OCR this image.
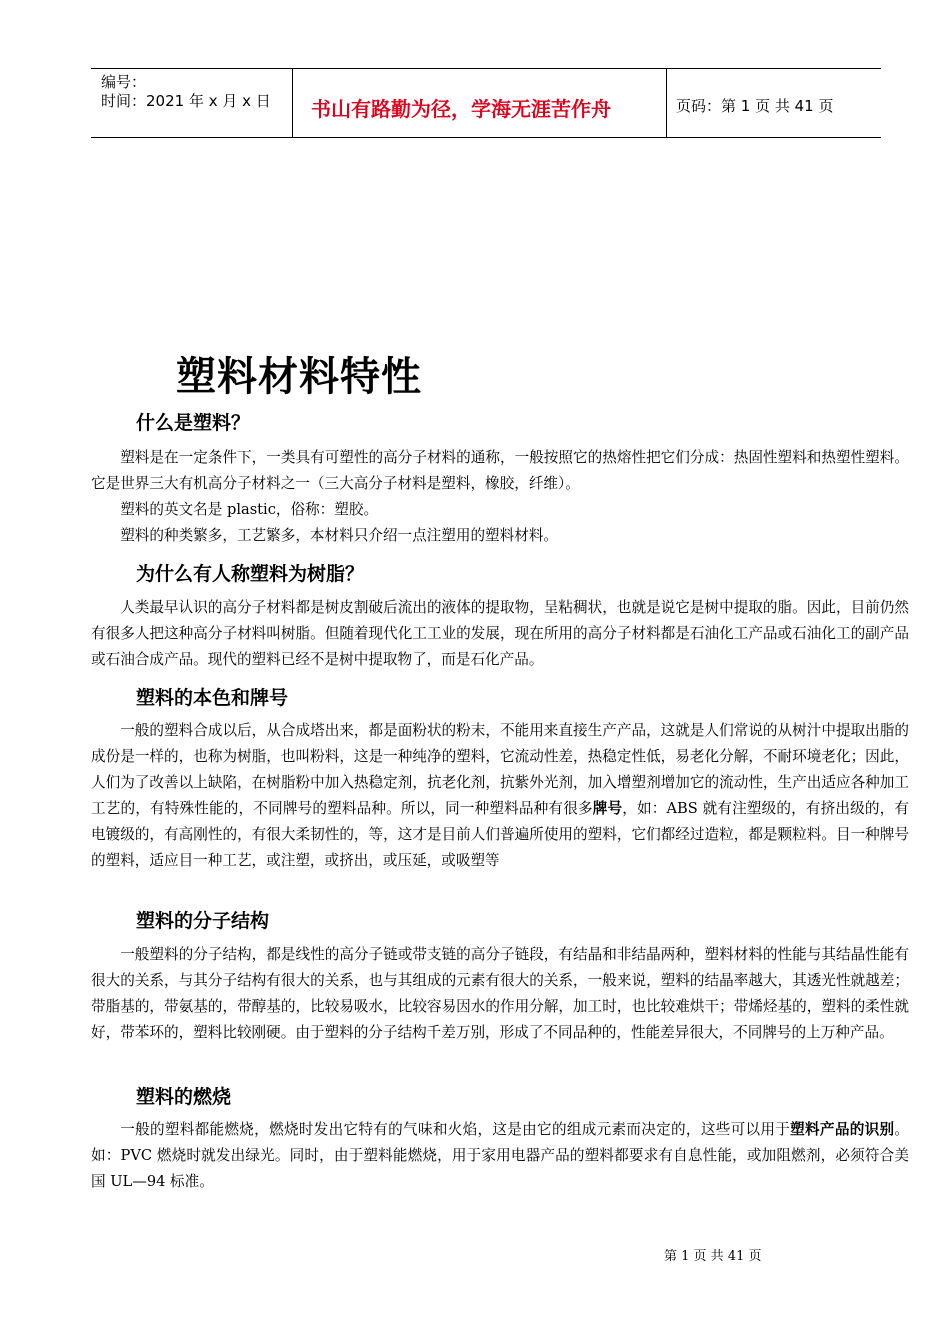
编号：
时间：2021 年 x 月 x 日 书山有路勤为径，学海无涯苦作舟	页码：第 1 页 共 41 页
塑料材料特性
什么是塑料？

塑料是在一定条件下，一类具有可塑性的高分子材料的通称，一般按照它的热熔性把它们分成：热固性塑料和热塑性塑料。它是世界三大有机高分子材料之一（三大高分子材料是塑料，橡胶，纤维）。

塑料的英文名是 plastic，俗称：塑胶。

塑料的种类繁多，工艺繁多，本材料只介绍一点注塑用的塑料材料。

为什么有人称塑料为树脂？

人类最早认识的高分子材料都是树皮割破后流出的液体的提取物，呈粘稠状，也就是说它是树中提取的脂。因此，目前仍然有很多人把这种高分子材料叫树脂。但随着现代化工工业的发展，现在所用的高分子材料都是石油化工产品或石油化工的副产品或石油合成产品。现代的塑料已经不是树中提取物了，而是石化产品。

塑料的本色和牌号

一般的塑料合成以后，从合成塔出来，都是面粉状的粉末，不能用来直接生产产品，这就是人们常说的从树汁中提取出脂的成份是一样的，也称为树脂，也叫粉料，这是一种纯净的塑料，它流动性差，热稳定性低，易老化分解，不耐环境老化；因此，人们为了改善以上缺陷，在树脂粉中加入热稳定剂，抗老化剂，抗紫外光剂，加入增塑剂增加它的流动性，生产出适应各种加工工艺的，有特殊性能的，不同牌号的塑料品种。所以，同一种塑料品种有很多牌号，如：ABS 就有注塑级的，有挤出级的，有电镀级的，有高刚性的，有很大柔韧性的，等，这才是目前人们普遍所使用的塑料，它们都经过造粒，都是颗粒料。目一种牌号的塑料，适应目一种工艺，或注塑，或挤出，或压延，或吸塑等

塑料的分子结构

一般塑料的分子结构，都是线性的高分子链或带支链的高分子链段，有结晶和非结晶两种，塑料材料的性能与其结晶性能有很大的关系，与其分子结构有很大的关系，也与其组成的元素有很大的关系，一般来说，塑料的结晶率越大，其透光性就越差；带脂基的，带氨基的，带醇基的，比较易吸水，比较容易因水的作用分解，加工时，也比较难烘干；带烯烃基的，塑料的柔性就好，带苯环的，塑料比较刚硬。由于塑料的分子结构千差万别，形成了不同品种的，性能差异很大，不同牌号的上万种产品。

塑料的燃烧

一般的塑料都能燃烧，燃烧时发出它特有的气味和火焰，这是由它的组成元素而决定的，这些可以用于塑料产品的识别。如：PVC 燃烧时就发出绿光。同时，由于塑料能燃烧，用于家用电器产品的塑料都要求有自息性能，或加阻燃剂，必须符合美国 UL—94 标准。

第 1 页 共 41 页
